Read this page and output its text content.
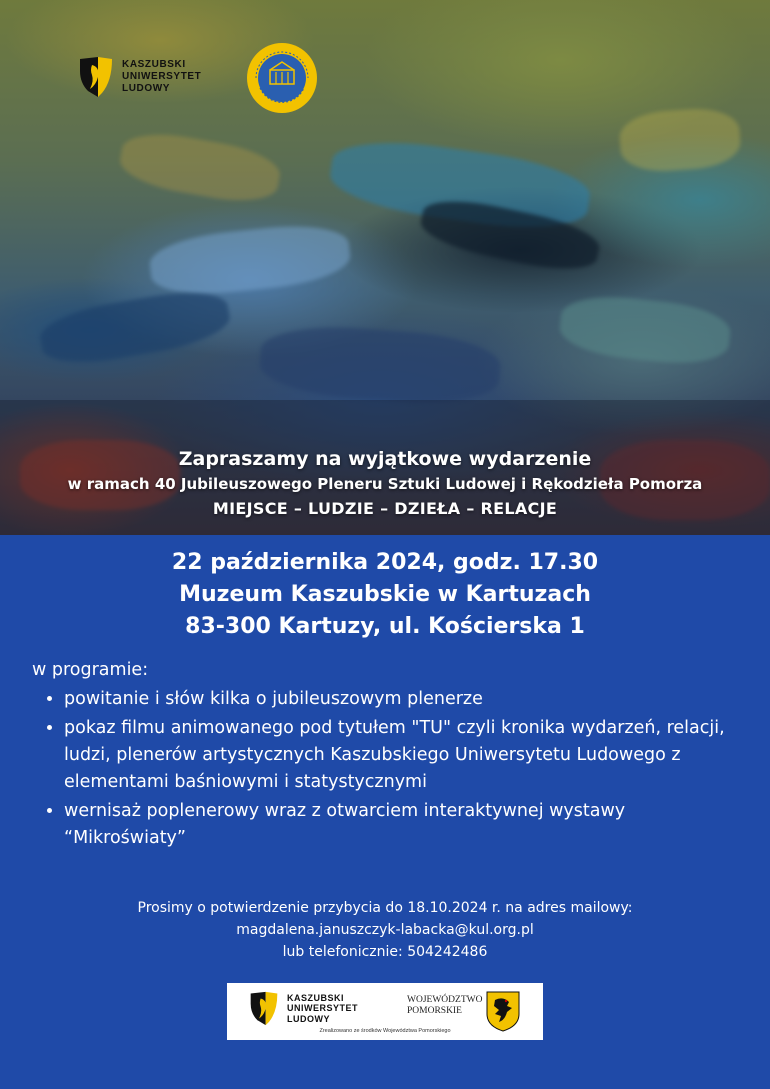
KASZUBSKI
UNIWERSYTET
LUDOWY
Zapraszamy na wyjątkowe wydarzenie
w ramach 40 Jubileuszowego Pleneru Sztuki Ludowej i Rękodzieła Pomorza
MIEJSCE – LUDZIE – DZIEŁA – RELACJE
22 października 2024, godz. 17.30
Muzeum Kaszubskie w Kartuzach
83-300 Kartuzy, ul. Kościerska 1
w programie:
• powitanie i słów kilka o jubileuszowym plenerze
• pokaz filmu animowanego pod tytułem "TU" czyli kronika wydarzeń, relacji, ludzi, plenerów artystycznych Kaszubskiego Uniwersytetu Ludowego z elementami baśniowymi i statystycznymi
• wernisaż poplenerowy wraz z otwarciem interaktywnej wystawy “Mikroświaty”
Prosimy o potwierdzenie przybycia do 18.10.2024 r. na adres mailowy:
magdalena.januszczyk-labacka@kul.org.pl
lub telefonicznie: 504242486
KASZUBSKI
UNIWERSYTET
LUDOWY
WOJEWÓDZTWO
POMORSKIE
Zrealizowano ze środków Województwa Pomorskiego
